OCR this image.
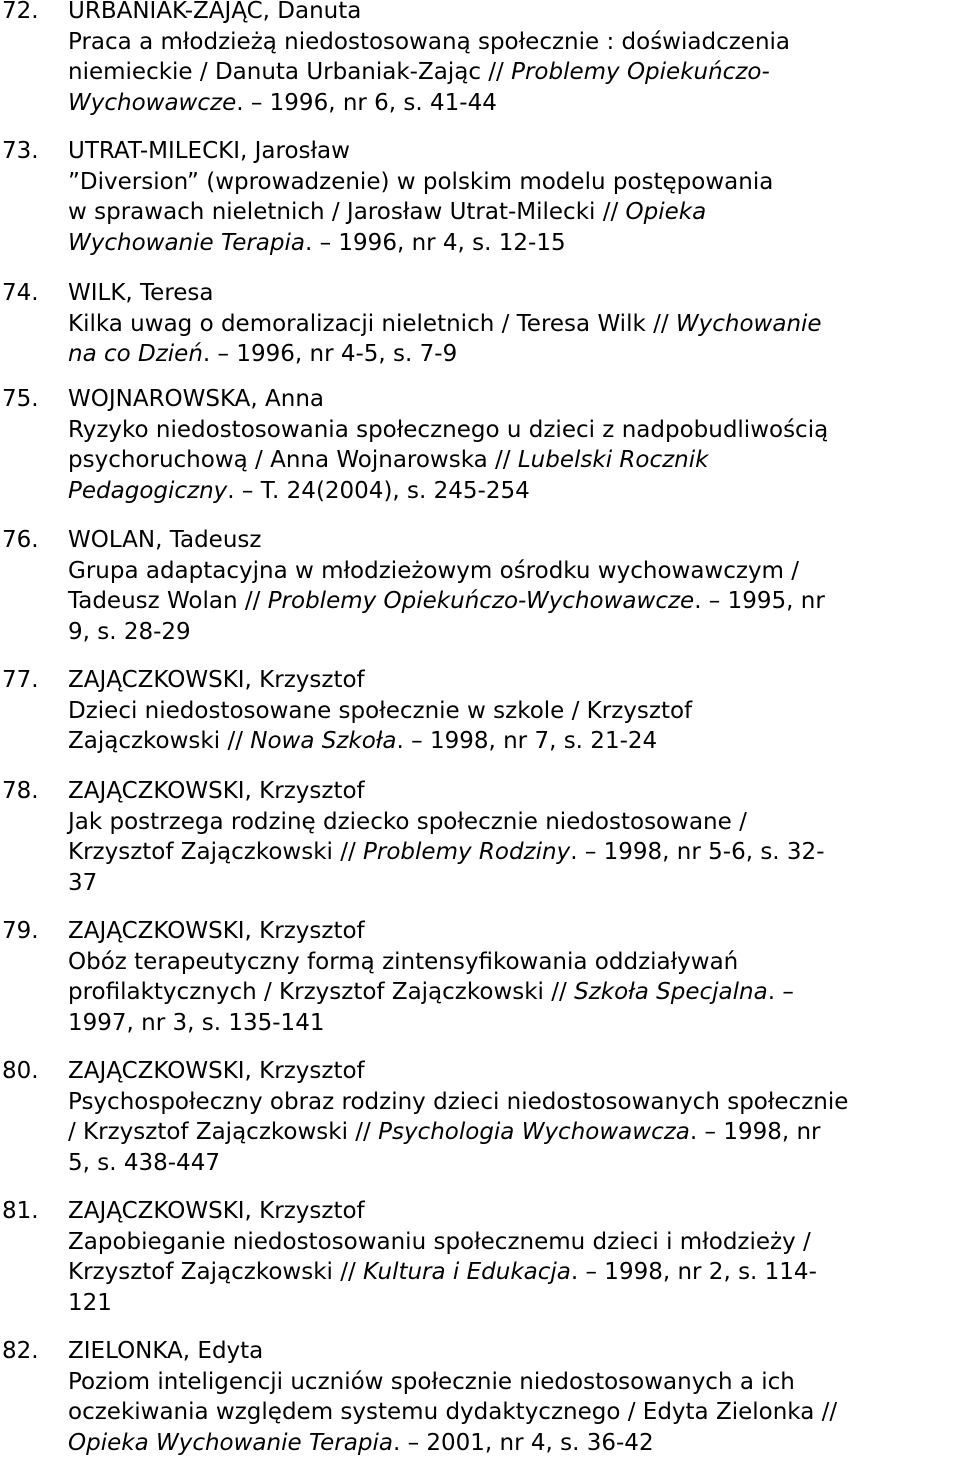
72. URBANIAK-ZAJĄC, Danuta
Praca a młodzieżą niedostosowaną społecznie : doświadczenia
niemieckie / Danuta Urbaniak-Zając // Problemy Opiekuńczo-
Wychowawcze. – 1996, nr 6, s. 41-44
73. UTRAT-MILECKI, Jarosław
”Diversion” (wprowadzenie) w polskim modelu postępowania
w sprawach nieletnich / Jarosław Utrat-Milecki // Opieka
Wychowanie Terapia. – 1996, nr 4, s. 12-15
74. WILK, Teresa
Kilka uwag o demoralizacji nieletnich / Teresa Wilk // Wychowanie
na co Dzień. – 1996, nr 4-5, s. 7-9
75. WOJNAROWSKA, Anna
Ryzyko niedostosowania społecznego u dzieci z nadpobudliwością
psychoruchową / Anna Wojnarowska // Lubelski Rocznik
Pedagogiczny. – T. 24(2004), s. 245-254
76. WOLAN, Tadeusz
Grupa adaptacyjna w młodzieżowym ośrodku wychowawczym /
Tadeusz Wolan // Problemy Opiekuńczo-Wychowawcze. – 1995, nr
9, s. 28-29
77. ZAJĄCZKOWSKI, Krzysztof
Dzieci niedostosowane społecznie w szkole / Krzysztof
Zajączkowski // Nowa Szkoła. – 1998, nr 7, s. 21-24
78. ZAJĄCZKOWSKI, Krzysztof
Jak postrzega rodzinę dziecko społecznie niedostosowane /
Krzysztof Zajączkowski // Problemy Rodziny. – 1998, nr 5-6, s. 32-
37
79. ZAJĄCZKOWSKI, Krzysztof
Obóz terapeutyczny formą zintensyfikowania oddziaływań
profilaktycznych / Krzysztof Zajączkowski // Szkoła Specjalna. –
1997, nr 3, s. 135-141
80. ZAJĄCZKOWSKI, Krzysztof
Psychospołeczny obraz rodziny dzieci niedostosowanych społecznie
/ Krzysztof Zajączkowski // Psychologia Wychowawcza. – 1998, nr
5, s. 438-447
81. ZAJĄCZKOWSKI, Krzysztof
Zapobieganie niedostosowaniu społecznemu dzieci i młodzieży /
Krzysztof Zajączkowski // Kultura i Edukacja. – 1998, nr 2, s. 114-
121
82. ZIELONKA, Edyta
Poziom inteligencji uczniów społecznie niedostosowanych a ich
oczekiwania względem systemu dydaktycznego / Edyta Zielonka //
Opieka Wychowanie Terapia. – 2001, nr 4, s. 36-42
